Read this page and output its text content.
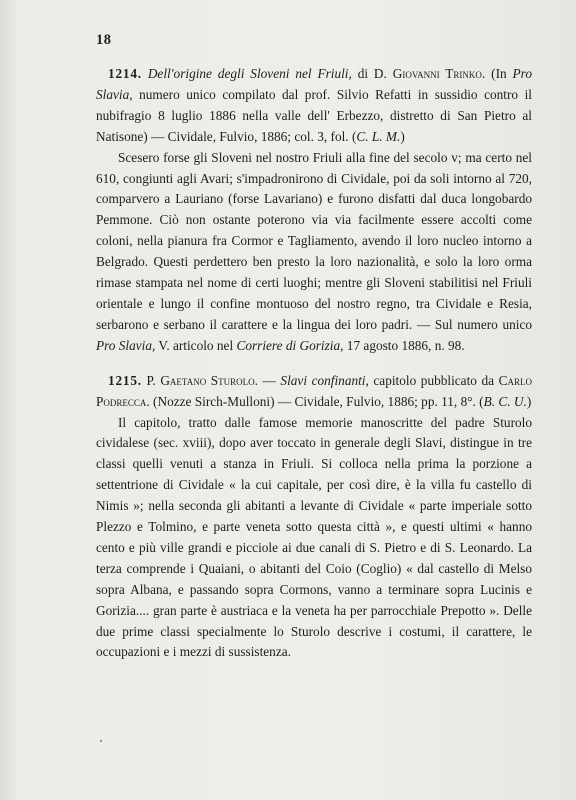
18

1214. Dell'origine degli Sloveni nel Friuli, di D. Giovanni Trinko. (In Pro Slavia, numero unico compilato dal prof. Silvio Refatti in sussidio contro il nubifragio 8 luglio 1886 nella valle dell' Erbezzo, distretto di San Pietro al Natisone) — Cividale, Fulvio, 1886; col. 3, fol. (C. L. M.)

Scesero forse gli Sloveni nel nostro Friuli alla fine del secolo v; ma certo nel 610, congiunti agli Avari; s'impadronirono di Cividale, poi da soli intorno al 720, comparvero a Lauriano (forse Lavariano) e furono disfatti dal duca longobardo Pemmone. Ciò non ostante poterono via via facilmente essere accolti come coloni, nella pianura fra Cormor e Tagliamento, avendo il loro nucleo intorno a Belgrado. Questi perdettero ben presto la loro nazionalità, e solo la loro orma rimase stampata nel nome di certi luoghi; mentre gli Sloveni stabilitisi nel Friuli orientale e lungo il confine montuoso del nostro regno, tra Cividale e Resia, serbarono e serbano il carattere e la lingua dei loro padri. — Sul numero unico Pro Slavia, V. articolo nel Corriere di Gorizia, 17 agosto 1886, n. 98.

1215. P. Gaetano Sturolo. — Slavi confinanti, capitolo pubblicato da Carlo Podrecca. (Nozze Sirch-Mulloni) — Cividale, Fulvio, 1886; pp. 11, 8°. (B. C. U.)

Il capitolo, tratto dalle famose memorie manoscritte del padre Sturolo cividalese (sec. xviii), dopo aver toccato in generale degli Slavi, distingue in tre classi quelli venuti a stanza in Friuli. Si colloca nella prima la porzione a settentrione di Cividale « la cui capitale, per così dire, è la villa fu castello di Nimis »; nella seconda gli abitanti a levante di Cividale « parte imperiale sotto Plezzo e Tolmino, e parte veneta sotto questa città », e questi ultimi « hanno cento e più ville grandi e picciole ai due canali di S. Pietro e di S. Leonardo. La terza comprende i Quaiani, o abitanti del Coio (Coglio) « dal castello di Melso sopra Albana, e passando sopra Cormons, vanno a terminare sopra Lucinis e Gorizia.... gran parte è austriaca e la veneta ha per parrocchiale Prepotto ». Delle due prime classi specialmente lo Sturolo descrive i costumi, il carattere, le occupazioni e i mezzi di sussistenza.
